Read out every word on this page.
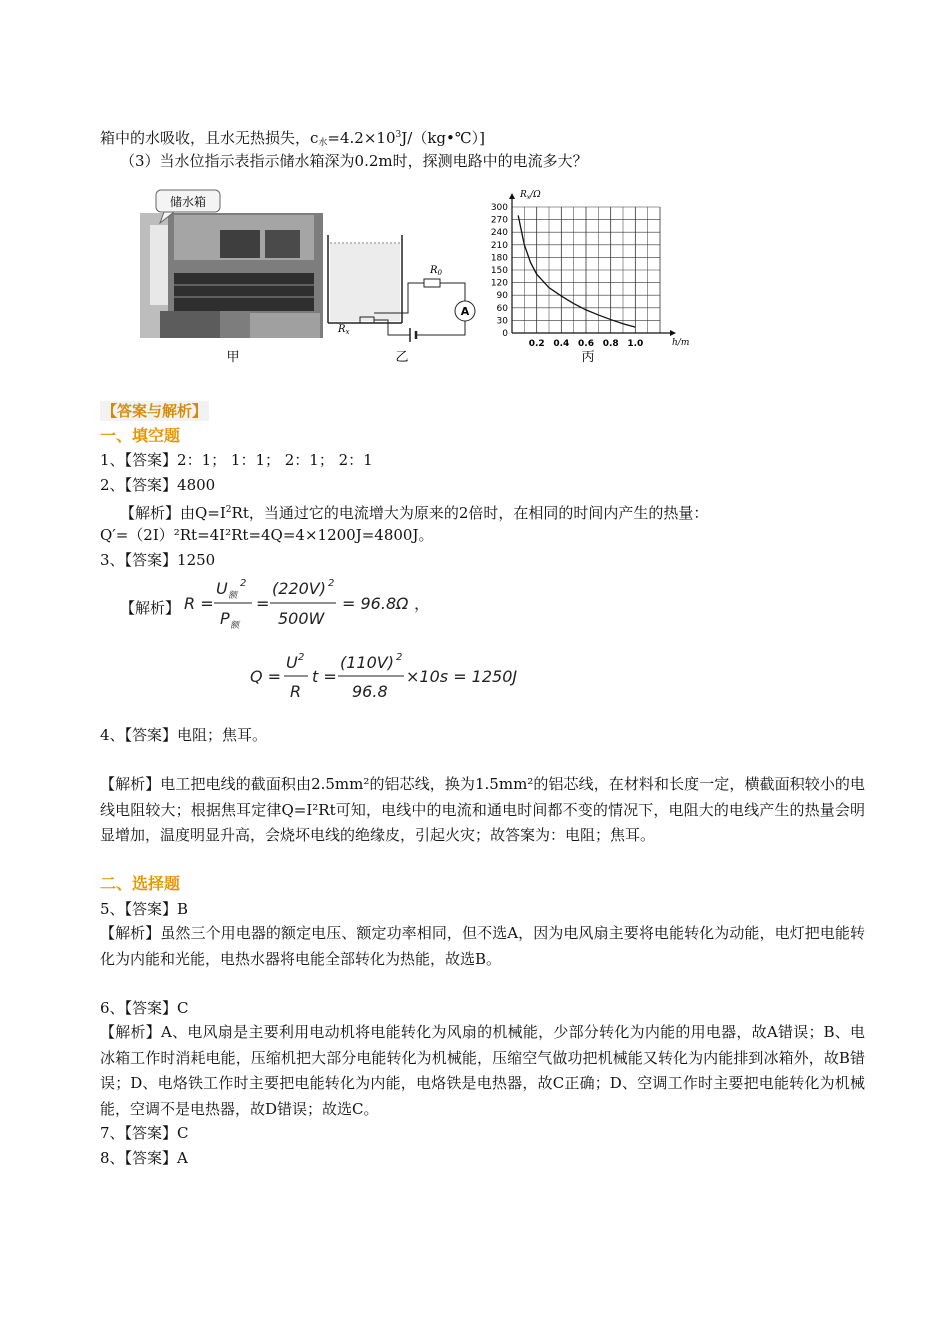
箱中的水吸收，且水无热损失，$c_水=4.2\times 10^3J/(kg•℃)$]
（3）当水位指示表指示储水箱深为0.2m时，探测电路中的电流多大？
储水箱
甲
$R_x$
A
$R_0$
乙
$R_x/\Omega$
h/m
丙
300
270
240
210
180
150
120
90
60
30
0
0.2 0.4 0.6 0.8 1.0
【答案与解析】
一、填空题
1、【答案】2：1； 1：1； 2：1； 2：1
2、【答案】4800
【解析】由$Q=I^2Rt$，当通过它的电流增大为原来的2倍时，在相同的时间内产生的热量：
Q′=（2I）²Rt=4I²Rt=4Q=4×1200J=4800J。
3、【答案】1250
【解析】 R =
U 额
2
P 额
=
(220V) 2
500W
= 96.8Ω ，
Q =
U 2
R
t =
(110V) 2
96.8
×10s = 1250J
4、【答案】电阻；焦耳。
【解析】电工把电线的截面积由2.5mm²的铝芯线，换为1.5mm²的铝芯线，在材料和长度一定，横截面积较小的电线电阻较大；根据焦耳定律Q=I²Rt可知，电线中的电流和通电时间都不变的情况下，电阻大的电线产生的热量会明显增加，温度明显升高，会烧坏电线的绝缘皮，引起火灾；故答案为：电阻；焦耳。
二、选择题
5、【答案】B
【解析】虽然三个用电器的额定电压、额定功率相同，但不选A，因为电风扇主要将电能转化为动能，电灯把电能转化为内能和光能，电热水器将电能全部转化为热能，故选B。
6、【答案】C
【解析】A、电风扇是主要利用电动机将电能转化为风扇的机械能，少部分转化为内能的用电器，故A错误；B、电冰箱工作时消耗电能，压缩机把大部分电能转化为机械能，压缩空气做功把机械能又转化为内能排到冰箱外，故B错误；D、电烙铁工作时主要把电能转化为内能，电烙铁是电热器，故C正确；D、空调工作时主要把电能转化为机械能，空调不是电热器，故D错误；故选C。
7、【答案】C
8、【答案】A
